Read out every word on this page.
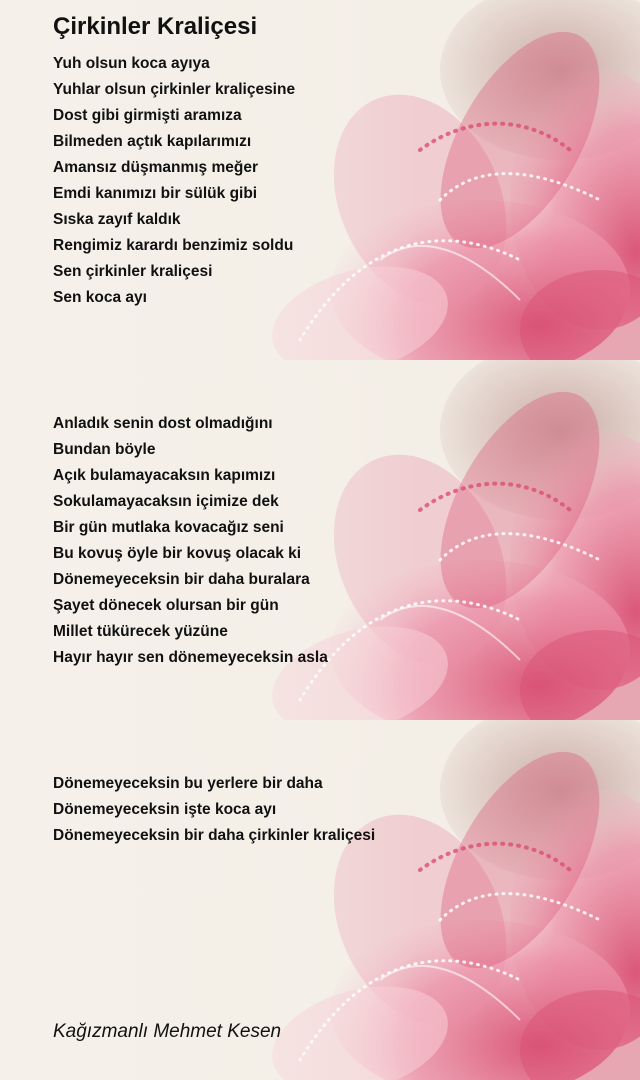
Çirkinler Kraliçesi
Yuh olsun koca ayıya
Yuhlar olsun çirkinler kraliçesine
Dost gibi girmişti aramıza
Bilmeden açtık kapılarımızı
Amansız düşmanmış meğer
Emdi kanımızı bir sülük gibi
Sıska zayıf kaldık
Rengimiz karardı benzimiz soldu
Sen çirkinler kraliçesi
Sen koca ayı
Anladık senin dost olmadığını
Bundan böyle
Açık bulamayacaksın kapımızı
Sokulamayacaksın içimize dek
Bir gün mutlaka kovacağız seni
Bu kovuş öyle bir kovuş olacak ki
Dönemeyeceksin bir daha buralara
Şayet dönecek olursan bir gün
Millet tükürecek yüzüne
Hayır hayır sen dönemeyeceksin asla
Dönemeyeceksin bu yerlere bir daha
Dönemeyeceksin işte koca ayı
Dönemeyeceksin bir daha çirkinler kraliçesi
Kağızmanlı Mehmet Kesen
